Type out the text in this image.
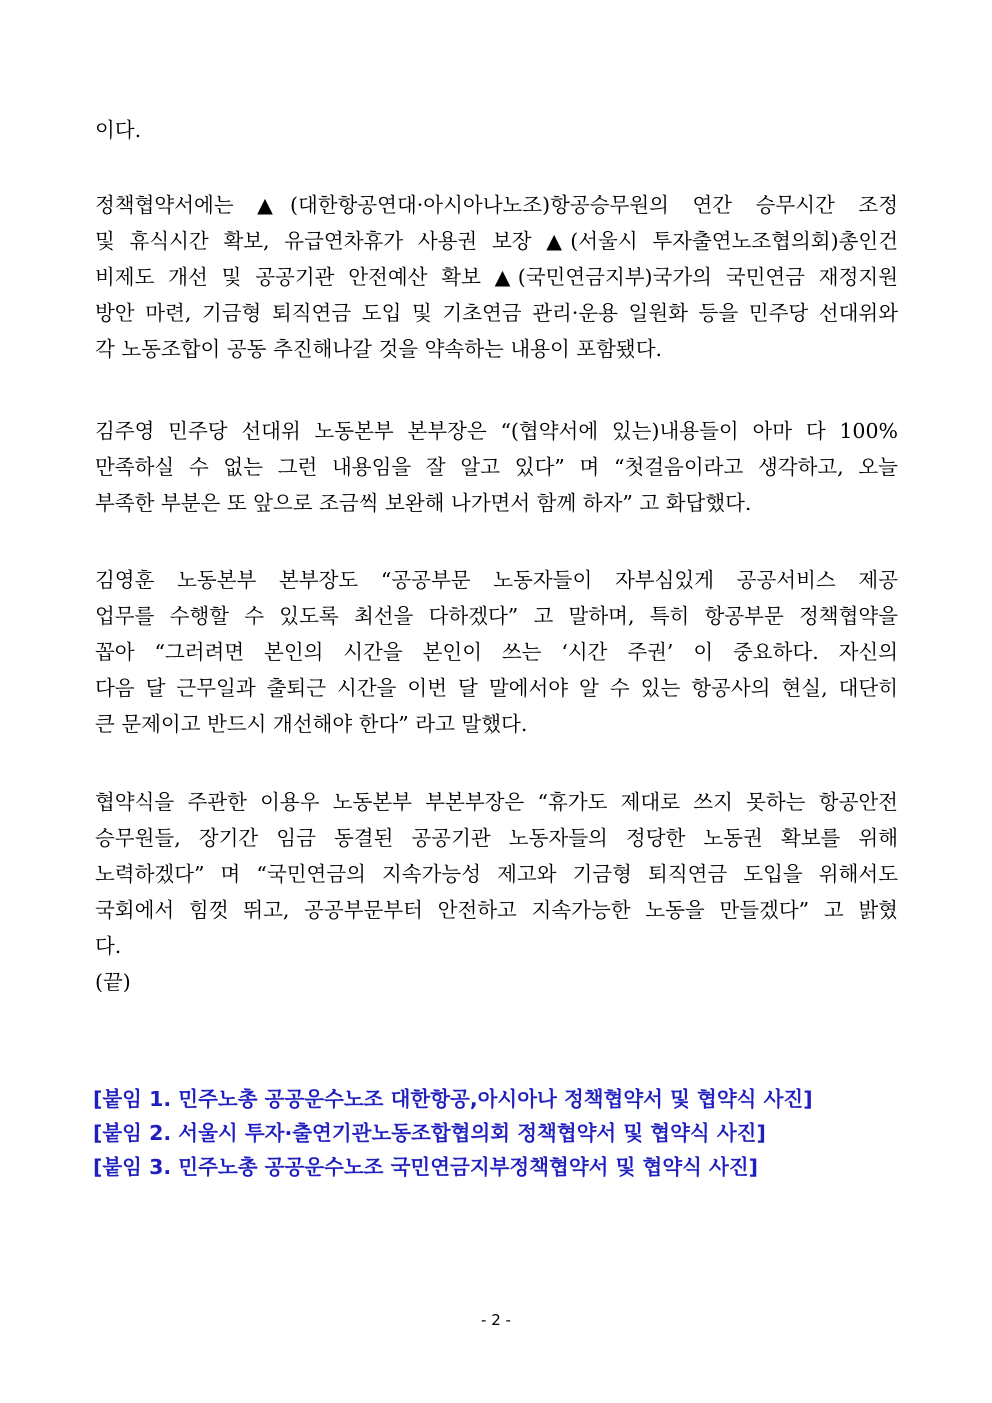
이다.
정책협약서에는 ▲(대한항공연대·아시아나노조)항공승무원의 연간 승무시간 조정
및 휴식시간 확보, 유급연차휴가 사용권 보장 ▲(서울시 투자출연노조협의회)총인건
비제도 개선 및 공공기관 안전예산 확보 ▲(국민연금지부)국가의 국민연금 재정지원
방안 마련, 기금형 퇴직연금 도입 및 기초연금 관리·운용 일원화 등을 민주당 선대위와
각 노동조합이 공동 추진해나갈 것을 약속하는 내용이 포함됐다.
김주영 민주당 선대위 노동본부 본부장은 “(협약서에 있는)내용들이 아마 다 100%
만족하실 수 없는 그런 내용임을 잘 알고 있다” 며 “첫걸음이라고 생각하고, 오늘
부족한 부분은 또 앞으로 조금씩 보완해 나가면서 함께 하자” 고 화답했다.
김영훈 노동본부 본부장도 “공공부문 노동자들이 자부심있게 공공서비스 제공
업무를 수행할 수 있도록 최선을 다하겠다” 고 말하며, 특히 항공부문 정책협약을
꼽아 “그러려면 본인의 시간을 본인이 쓰는 ‘시간 주권’ 이 중요하다. 자신의
다음 달 근무일과 출퇴근 시간을 이번 달 말에서야 알 수 있는 항공사의 현실, 대단히
큰 문제이고 반드시 개선해야 한다” 라고 말했다.
협약식을 주관한 이용우 노동본부 부본부장은 “휴가도 제대로 쓰지 못하는 항공안전
승무원들, 장기간 임금 동결된 공공기관 노동자들의 정당한 노동권 확보를 위해
노력하겠다” 며 “국민연금의 지속가능성 제고와 기금형 퇴직연금 도입을 위해서도
국회에서 힘껏 뛰고, 공공부문부터 안전하고 지속가능한 노동을 만들겠다” 고 밝혔
다.
(끝)
[붙임 1. 민주노총 공공운수노조 대한항공,아시아나 정책협약서 및 협약식 사진]
[붙임 2. 서울시 투자·출연기관노동조합협의회 정책협약서 및 협약식 사진]
[붙임 3. 민주노총 공공운수노조 국민연금지부정책협약서 및 협약식 사진]
- 2 -
